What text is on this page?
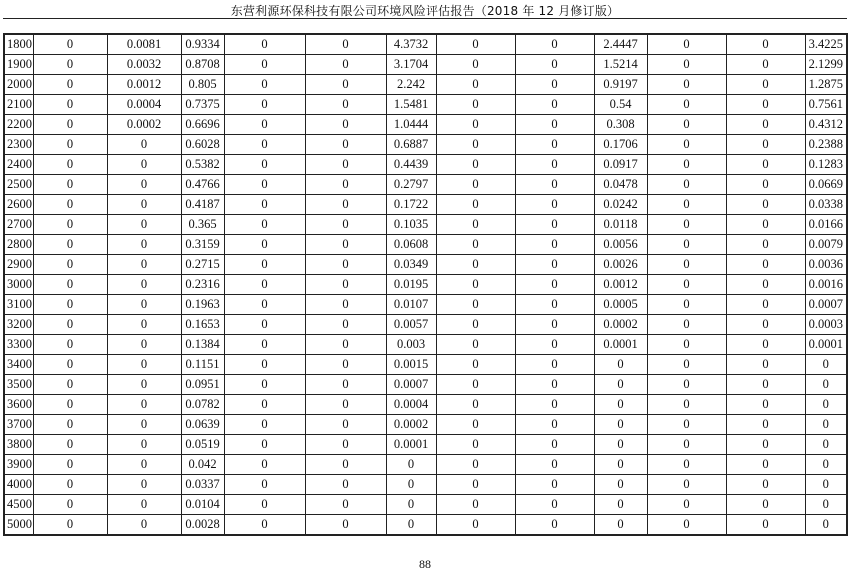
东营利源环保科技有限公司环境风险评估报告（2018 年 12 月修订版）
1800	0	0.0081	0.9334	0	0	4.3732	0	0	2.4447	0	0	3.4225
1900	0	0.0032	0.8708	0	0	3.1704	0	0	1.5214	0	0	2.1299
2000	0	0.0012	0.805	0	0	2.242	0	0	0.9197	0	0	1.2875
2100	0	0.0004	0.7375	0	0	1.5481	0	0	0.54	0	0	0.7561
2200	0	0.0002	0.6696	0	0	1.0444	0	0	0.308	0	0	0.4312
2300	0	0	0.6028	0	0	0.6887	0	0	0.1706	0	0	0.2388
2400	0	0	0.5382	0	0	0.4439	0	0	0.0917	0	0	0.1283
2500	0	0	0.4766	0	0	0.2797	0	0	0.0478	0	0	0.0669
2600	0	0	0.4187	0	0	0.1722	0	0	0.0242	0	0	0.0338
2700	0	0	0.365	0	0	0.1035	0	0	0.0118	0	0	0.0166
2800	0	0	0.3159	0	0	0.0608	0	0	0.0056	0	0	0.0079
2900	0	0	0.2715	0	0	0.0349	0	0	0.0026	0	0	0.0036
3000	0	0	0.2316	0	0	0.0195	0	0	0.0012	0	0	0.0016
3100	0	0	0.1963	0	0	0.0107	0	0	0.0005	0	0	0.0007
3200	0	0	0.1653	0	0	0.0057	0	0	0.0002	0	0	0.0003
3300	0	0	0.1384	0	0	0.003	0	0	0.0001	0	0	0.0001
3400	0	0	0.1151	0	0	0.0015	0	0	0	0	0	0
3500	0	0	0.0951	0	0	0.0007	0	0	0	0	0	0
3600	0	0	0.0782	0	0	0.0004	0	0	0	0	0	0
3700	0	0	0.0639	0	0	0.0002	0	0	0	0	0	0
3800	0	0	0.0519	0	0	0.0001	0	0	0	0	0	0
3900	0	0	0.042	0	0	0	0	0	0	0	0	0
4000	0	0	0.0337	0	0	0	0	0	0	0	0	0
4500	0	0	0.0104	0	0	0	0	0	0	0	0	0
5000	0	0	0.0028	0	0	0	0	0	0	0	0	0
88
